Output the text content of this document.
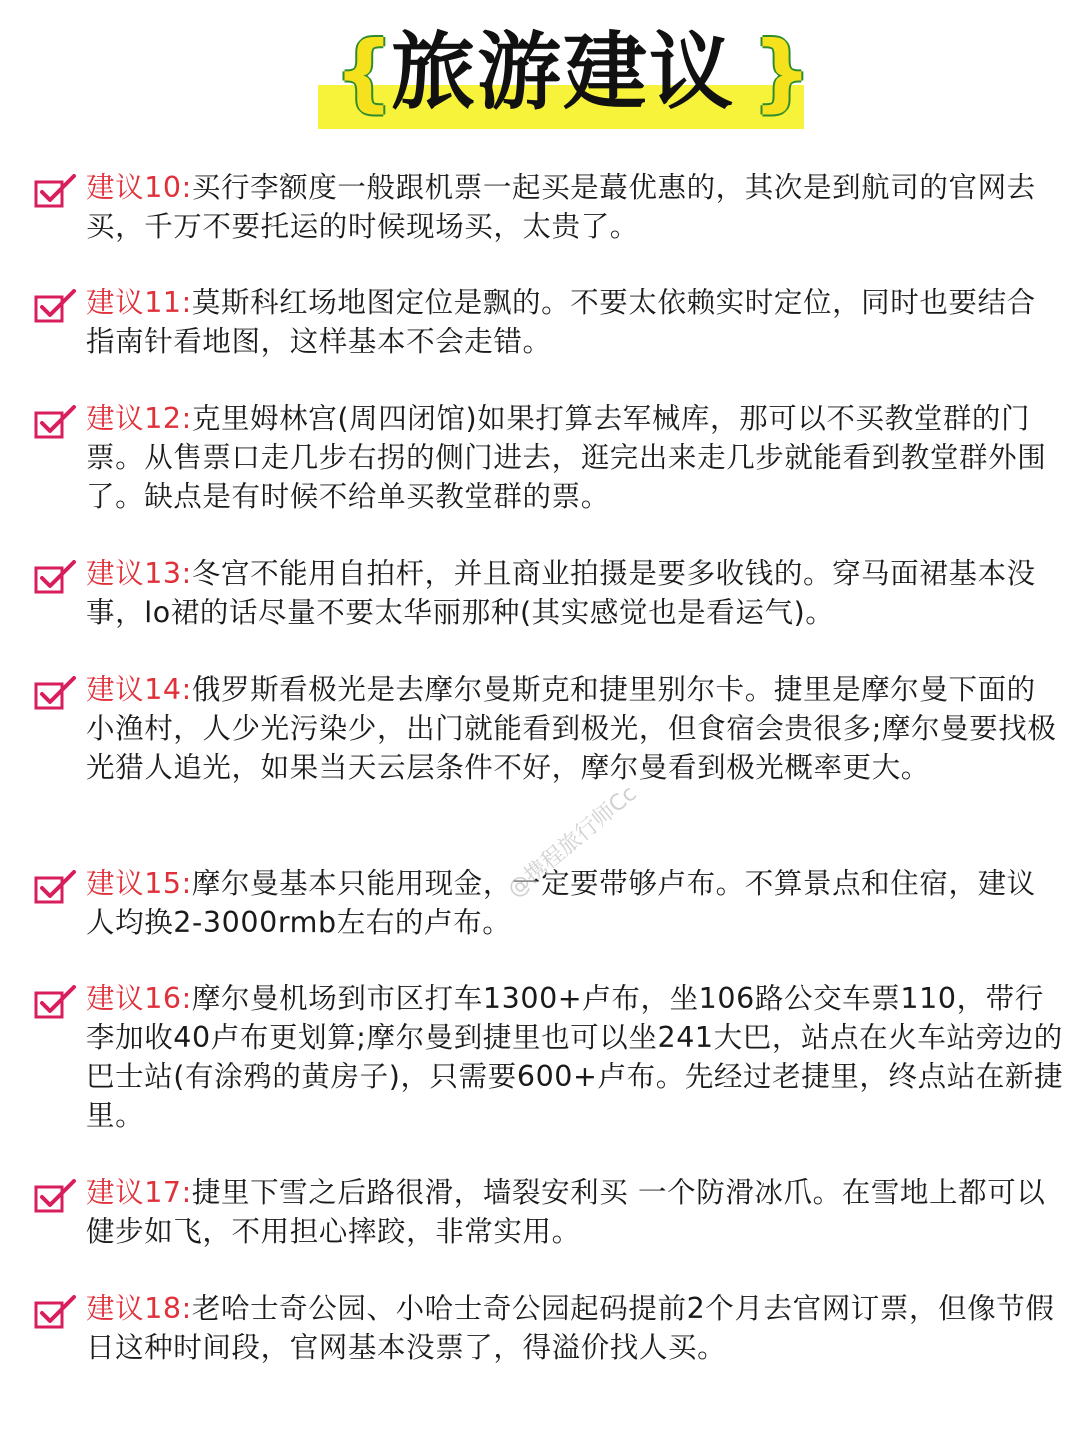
{
旅游建议 }
建议10:买行李额度一般跟机票一起买是蕞优惠的，其次是到航司的官网去买，千万不要托运的时候现场买，太贵了。
建议11:莫斯科红场地图定位是飘的。不要太依赖实时定位，同时也要结合指南针看地图，这样基本不会走错。
建议12:克里姆林宫(周四闭馆)如果打算去军械库，那可以不买教堂群的门票。从售票口走几步右拐的侧门进去，逛完出来走几步就能看到教堂群外围了。缺点是有时候不给单买教堂群的票。
建议13:冬宫不能用自拍杆，并且商业拍摄是要多收钱的。穿马面裙基本没事，lo裙的话尽量不要太华丽那种(其实感觉也是看运气)。
建议14:俄罗斯看极光是去摩尔曼斯克和捷里别尔卡。捷里是摩尔曼下面的小渔村，人少光污染少，出门就能看到极光，但食宿会贵很多;摩尔曼要找极光猎人追光，如果当天云层条件不好，摩尔曼看到极光概率更大。
建议15:摩尔曼基本只能用现金，一定要带够卢布。不算景点和住宿，建议人均换2-3000rmb左右的卢布。
建议16:摩尔曼机场到市区打车1300+卢布，坐106路公交车票110，带行李加收40卢布更划算;摩尔曼到捷里也可以坐241大巴，站点在火车站旁边的巴士站(有涂鸦的黄房子)，只需要600+卢布。先经过老捷里，终点站在新捷里。
建议17:捷里下雪之后路很滑，墙裂安利买 一个防滑冰爪。在雪地上都可以健步如飞，不用担心摔跤，非常实用。
建议18:老哈士奇公园、小哈士奇公园起码提前2个月去官网订票，但像节假日这种时间段，官网基本没票了，得溢价找人买。
@携程旅行师Cc
